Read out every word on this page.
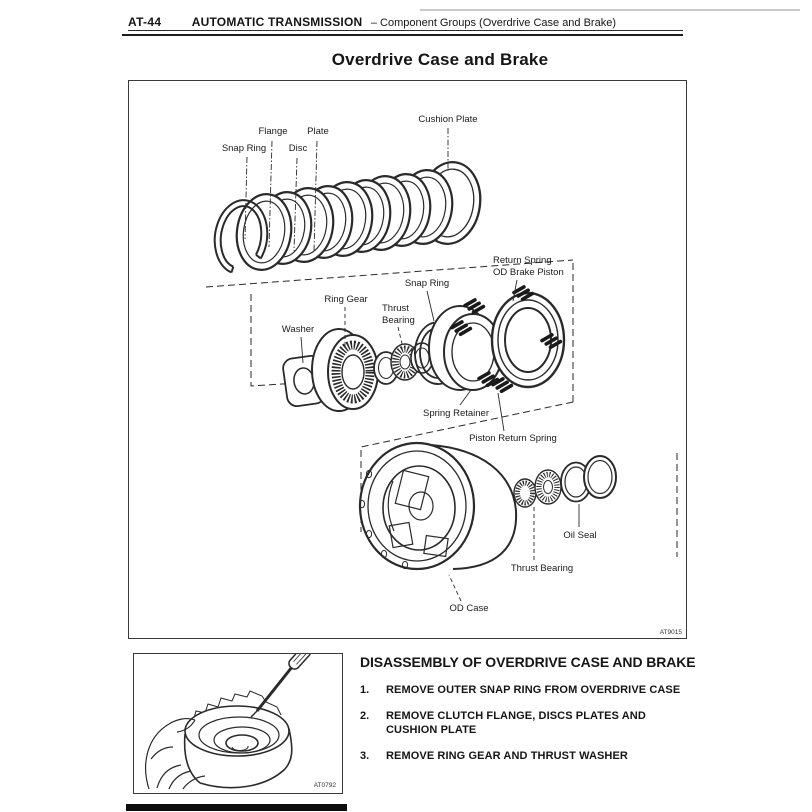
AT-44	AUTOMATIC TRANSMISSION – Component Groups (Overdrive Case and Brake)
Overdrive Case and Brake
Snap Ring
Flange
Disc
Plate
Cushion Plate
Return Spring
OD Brake Piston
Snap Ring
Ring Gear
Thrust
Bearing
Washer
Spring Retainer
Piston Return Spring
Oil Seal
Thrust Bearing
OD Case
AT9015
AT0792
DISASSEMBLY OF OVERDRIVE CASE AND BRAKE
1.	REMOVE OUTER SNAP RING FROM OVERDRIVE CASE
2.	REMOVE CLUTCH FLANGE, DISCS PLATES AND CUSHION PLATE
3.	REMOVE RING GEAR AND THRUST WASHER
